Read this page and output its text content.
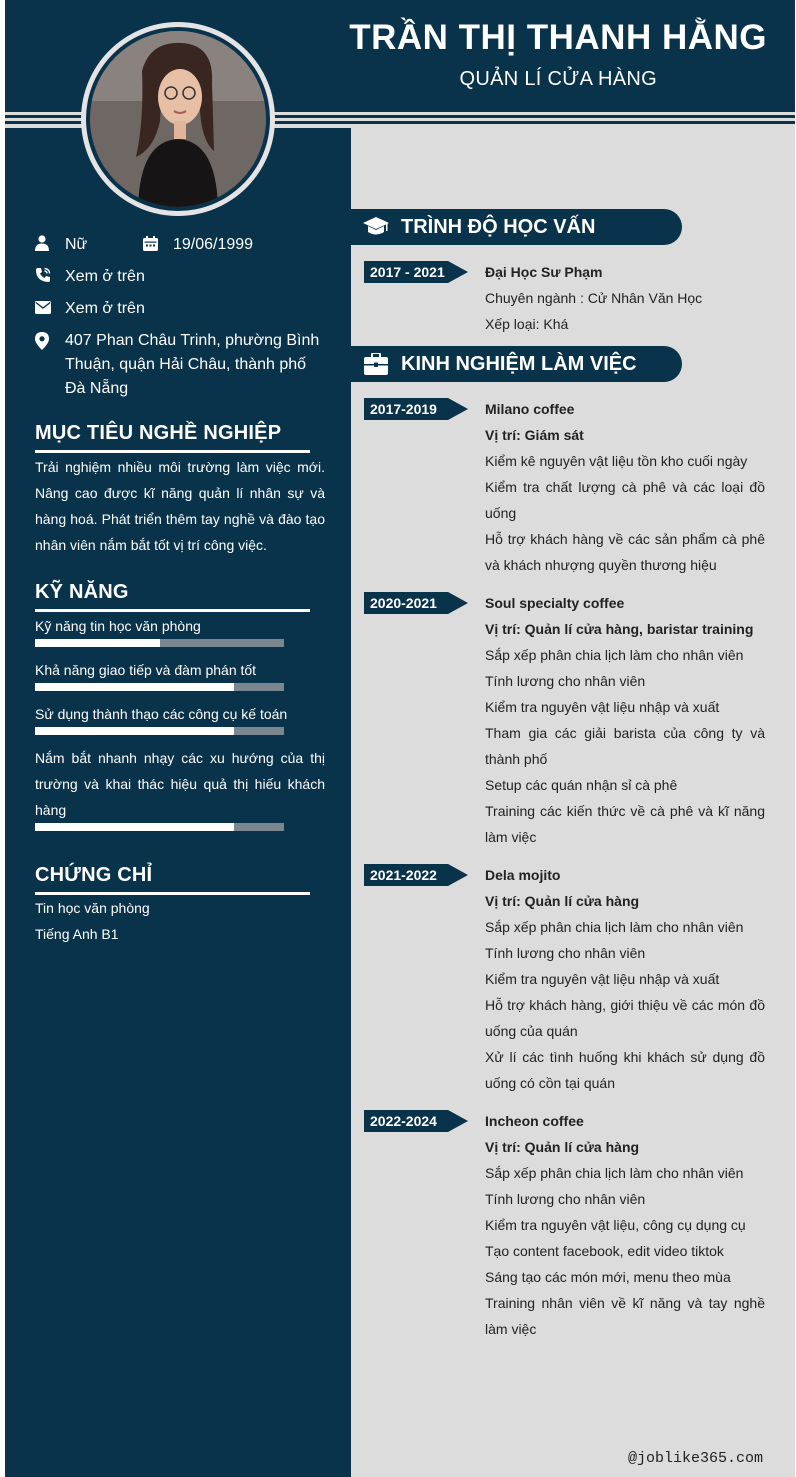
TRẦN THỊ THANH HẰNG
QUẢN LÍ CỬA HÀNG
Nữ	19/06/1999
Xem ở trên
Xem ở trên
407 Phan Châu Trinh, phường Bình Thuận, quận Hải Châu, thành phố Đà Nẵng
MỤC TIÊU NGHỀ NGHIỆP
Trải nghiệm nhiều môi trường làm việc mới. Nâng cao được kĩ năng quản lí nhân sự và hàng hoá. Phát triển thêm tay nghề và đào tạo nhân viên nắm bắt tốt vị trí công việc.
KỸ NĂNG
Kỹ năng tin học văn phòng
Khả năng giao tiếp và đàm phán tốt
Sử dụng thành thạo các công cụ kế toán
Nắm bắt nhanh nhạy các xu hướng của thị trường và khai thác hiệu quả thị hiếu khách hàng
CHỨNG CHỈ
Tin học văn phòng
Tiếng Anh B1
TRÌNH ĐỘ HỌC VẤN
2017 - 2021	Đại Học Sư Phạm
Chuyên ngành : Cử Nhân Văn Học
Xếp loại: Khá
KINH NGHIỆM LÀM VIỆC
2017-2019	Milano coffee
Vị trí: Giám sát
Kiểm kê nguyên vật liệu tồn kho cuối ngày
Kiểm tra chất lượng cà phê và các loại đồ uống
Hỗ trợ khách hàng về các sản phẩm cà phê và khách nhượng quyền thương hiệu
2020-2021	Soul specialty coffee
Vị trí: Quản lí cửa hàng, baristar training
Sắp xếp phân chia lịch làm cho nhân viên
Tính lương cho nhân viên
Kiểm tra nguyên vật liệu nhập và xuất
Tham gia các giải barista của công ty và thành phố
Setup các quán nhận sỉ cà phê
Training các kiến thức về cà phê và kĩ năng làm việc
2021-2022	Dela mojito
Vị trí: Quản lí cửa hàng
Sắp xếp phân chia lịch làm cho nhân viên
Tính lương cho nhân viên
Kiểm tra nguyên vật liệu nhập và xuất
Hỗ trợ khách hàng, giới thiệu về các món đồ uống của quán
Xử lí các tình huống khi khách sử dụng đồ uống có cồn tại quán
2022-2024	Incheon coffee
Vị trí: Quản lí cửa hàng
Sắp xếp phân chia lịch làm cho nhân viên
Tính lương cho nhân viên
Kiểm tra nguyên vật liệu, công cụ dụng cụ
Tạo content facebook, edit video tiktok
Sáng tạo các món mới, menu theo mùa
Training nhân viên về kĩ năng và tay nghề làm việc
@joblike365.com
